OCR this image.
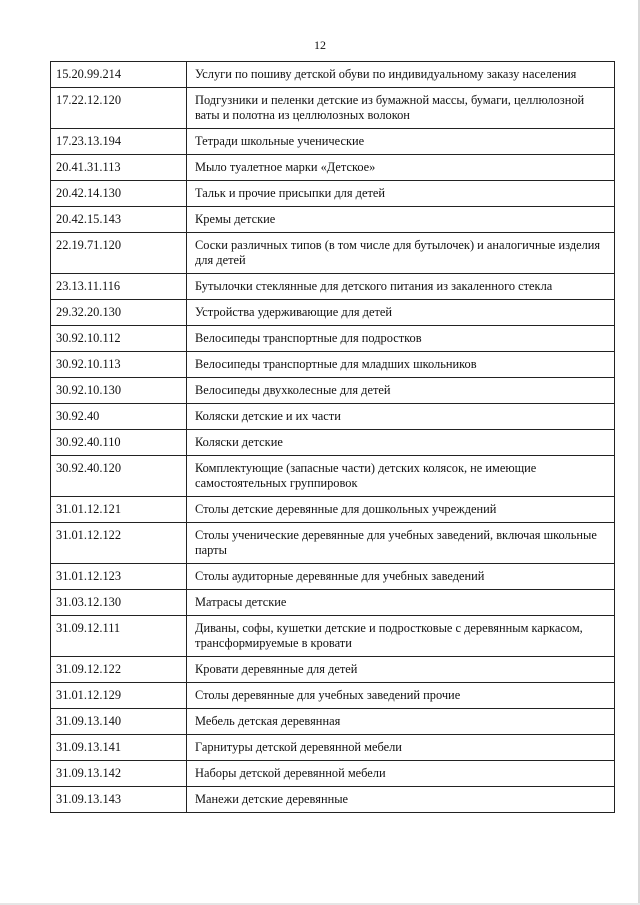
12
15.20.99.214	Услуги по пошиву детской обуви по индивидуальному заказу населения
17.22.12.120	Подгузники и пеленки детские из бумажной массы, бумаги, целлюлозной ваты и полотна из целлюлозных волокон
17.23.13.194	Тетради школьные ученические
20.41.31.113	Мыло туалетное марки «Детское»
20.42.14.130	Тальк и прочие присыпки для детей
20.42.15.143	Кремы детские
22.19.71.120	Соски различных типов (в том числе для бутылочек) и аналогичные изделия для детей
23.13.11.116	Бутылочки стеклянные для детского питания из закаленного стекла
29.32.20.130	Устройства удерживающие для детей
30.92.10.112	Велосипеды транспортные для подростков
30.92.10.113	Велосипеды транспортные для младших школьников
30.92.10.130	Велосипеды двухколесные для детей
30.92.40	Коляски детские и их части
30.92.40.110	Коляски детские
30.92.40.120	Комплектующие (запасные части) детских колясок, не имеющие самостоятельных группировок
31.01.12.121	Столы детские деревянные для дошкольных учреждений
31.01.12.122	Столы ученические деревянные для учебных заведений, включая школьные парты
31.01.12.123	Столы аудиторные деревянные для учебных заведений
31.03.12.130	Матрасы детские
31.09.12.111	Диваны, софы, кушетки детские и подростковые с деревянным каркасом, трансформируемые в кровати
31.09.12.122	Кровати деревянные для детей
31.01.12.129	Столы деревянные для учебных заведений прочие
31.09.13.140	Мебель детская деревянная
31.09.13.141	Гарнитуры детской деревянной мебели
31.09.13.142	Наборы детской деревянной мебели
31.09.13.143	Манежи детские деревянные
